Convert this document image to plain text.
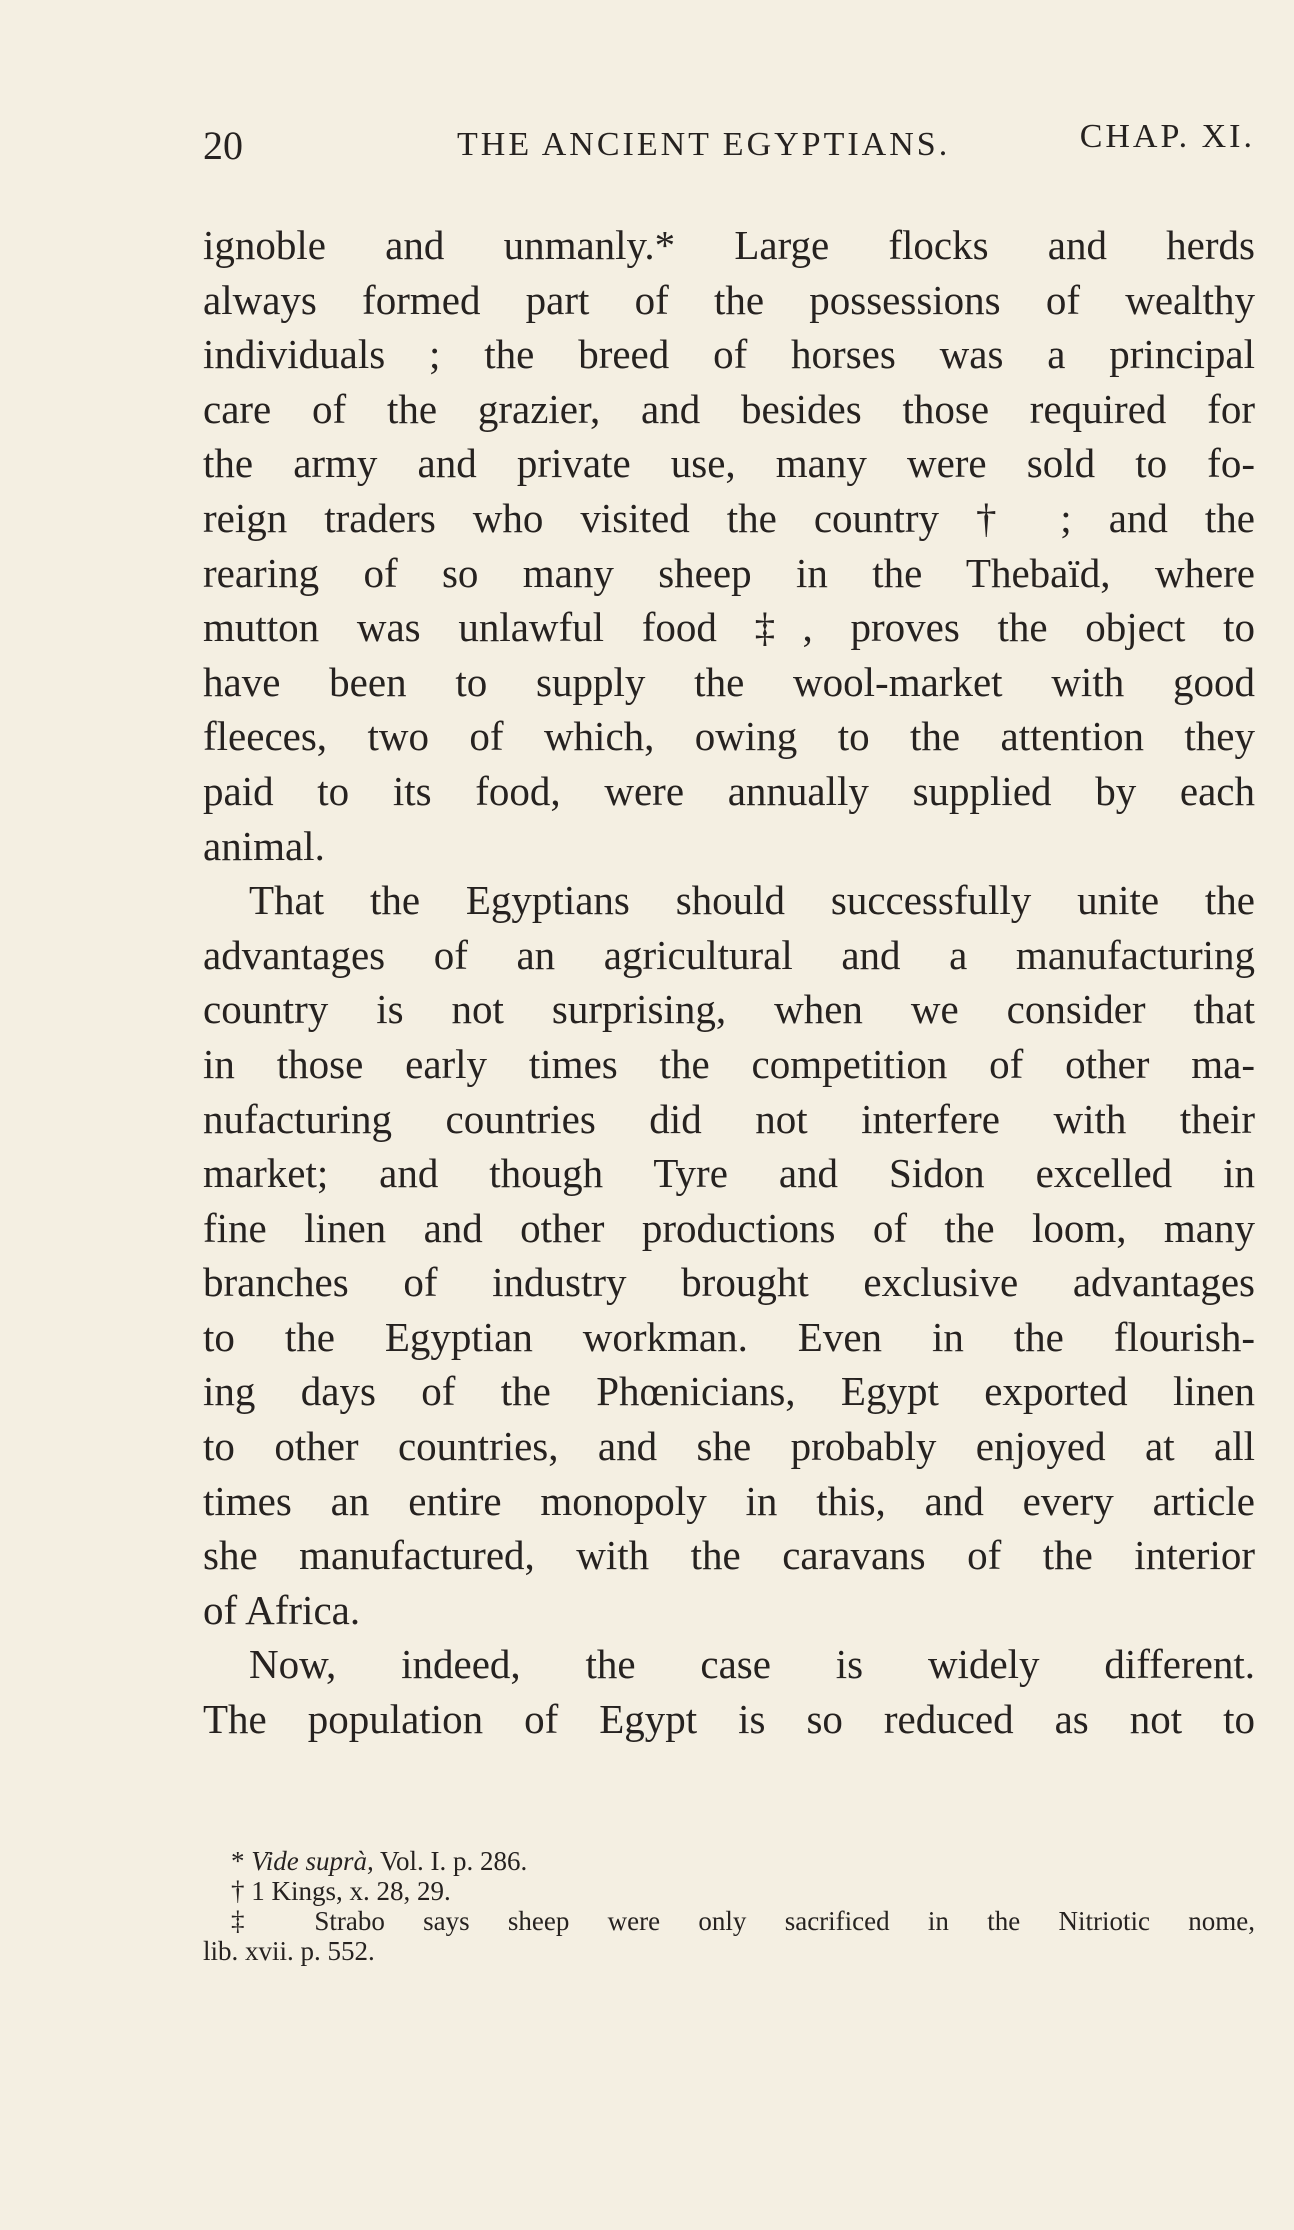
20	THE ANCIENT EGYPTIANS.	CHAP. XI.
ignoble and unmanly.* Large flocks and herds
always formed part of the possessions of wealthy
individuals ; the breed of horses was a principal
care of the grazier, and besides those required for
the army and private use, many were sold to fo-
reign traders who visited the country † ; and the
rearing of so many sheep in the Thebaïd, where
mutton was unlawful food ‡, proves the object to
have been to supply the wool-market with good
fleeces, two of which, owing to the attention they
paid to its food, were annually supplied by each
animal.
That the Egyptians should successfully unite the
advantages of an agricultural and a manufacturing
country is not surprising, when we consider that
in those early times the competition of other ma-
nufacturing countries did not interfere with their
market; and though Tyre and Sidon excelled in
fine linen and other productions of the loom, many
branches of industry brought exclusive advantages
to the Egyptian workman. Even in the flourish-
ing days of the Phœnicians, Egypt exported linen
to other countries, and she probably enjoyed at all
times an entire monopoly in this, and every article
she manufactured, with the caravans of the interior
of Africa.
Now, indeed, the case is widely different.
The population of Egypt is so reduced as not to
* Vide suprà, Vol. I. p. 286.
† 1 Kings, x. 28, 29.
‡ Strabo says sheep were only sacrificed in the Nitriotic nome,
lib. xvii. p. 552.
